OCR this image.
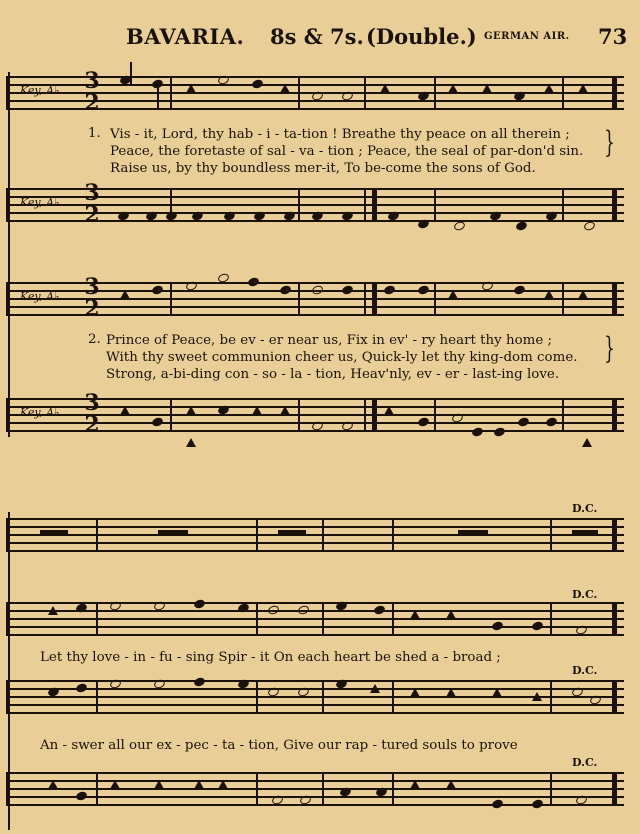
BAVARIA. 8s & 7s. (Double.) GERMAN AIR. 73
Key, A♭ 3
2
1. Vis - it, Lord, thy hab - i - ta-tion ! Breathe thy peace on all therein ;
Peace, the foretaste of sal - va - tion ; Peace, the seal of par-don'd sin.
Raise us, by thy boundless mer-it, To be-come the sons of God.
}
Key, A♭ 3
2
Key, A♭ 3
2
2. Prince of Peace, be ev - er near us, Fix in ev' - ry heart thy home ;
With thy sweet communion cheer us, Quick-ly let thy king-dom come.
Strong, a-bi-ding con - so - la - tion, Heav'nly, ev - er - last-ing love.
}
Key, A♭ 3
2
D.C.
D.C.
Let thy love - in - fu - sing Spir - it On each heart be shed a - broad ;
D.C.
An - swer all our ex - pec - ta - tion, Give our rap - tured souls to prove
D.C.
